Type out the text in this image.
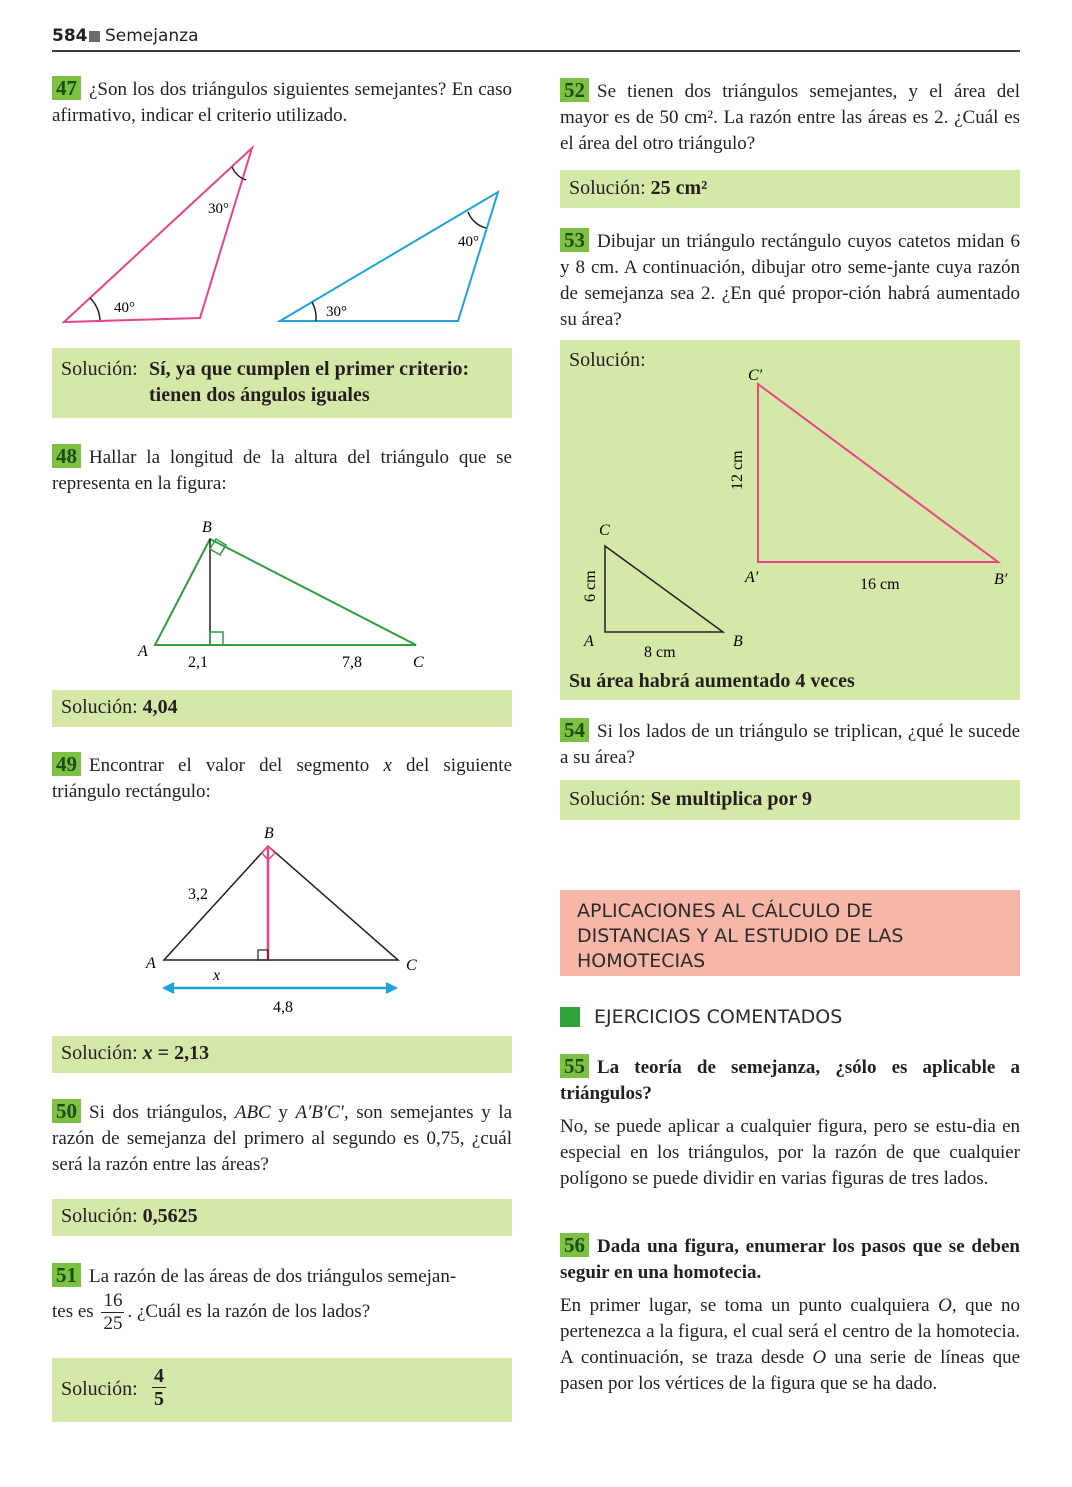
584 Semejanza
47 ¿Son los dos triángulos siguientes semejantes? En caso afirmativo, indicar el criterio utilizado.
30°
40°
40°
30°
Solución: Sí, ya que cumplen el primer criterio:
tienen dos ángulos iguales
48 Hallar la longitud de la altura del triángulo que se representa en la figura:
B
A
C
2,1	7,8
Solución: 4,04
49 Encontrar el valor del segmento x del siguiente triángulo rectángulo:
B
A	C
3,2
x
4,8
Solución: x = 2,13
50 Si dos triángulos, ABC y A′B′C′, son semejantes y la razón de semejanza del primero al segundo es 0,75, ¿cuál será la razón entre las áreas?
Solución: 0,5625
51 La razón de las áreas de dos triángulos semejan-
tes es $\frac{16}{25}$ . ¿Cuál es la razón de los lados?
Solución: $\frac{4}{5}$
52 Se tienen dos triángulos semejantes, y el área del mayor es de 50 cm². La razón entre las áreas es 2. ¿Cuál es el área del otro triángulo?
Solución: 25 cm²
53 Dibujar un triángulo rectángulo cuyos catetos midan 6 y 8 cm. A continuación, dibujar otro seme-jante cuya razón de semejanza sea 2. ¿En qué propor-ción habrá aumentado su área?
Solución:
C′
A′	B′
16 cm
12 cm
C
A	B
8 cm
6 cm
Su área habrá aumentado 4 veces
54 Si los lados de un triángulo se triplican, ¿qué le sucede a su área?
Solución: Se multiplica por 9
APLICACIONES AL CÁLCULO DE
DISTANCIAS Y AL ESTUDIO DE LAS
HOMOTECIAS
EJERCICIOS COMENTADOS
55 La teoría de semejanza, ¿sólo es aplicable a triángulos?
No, se puede aplicar a cualquier figura, pero se estu-dia en especial en los triángulos, por la razón de que cualquier polígono se puede dividir en varias figuras de tres lados.
56 Dada una figura, enumerar los pasos que se deben seguir en una homotecia.
En primer lugar, se toma un punto cualquiera O, que no pertenezca a la figura, el cual será el centro de la homotecia. A continuación, se traza desde O una serie de líneas que pasen por los vértices de la figura que se ha dado.
